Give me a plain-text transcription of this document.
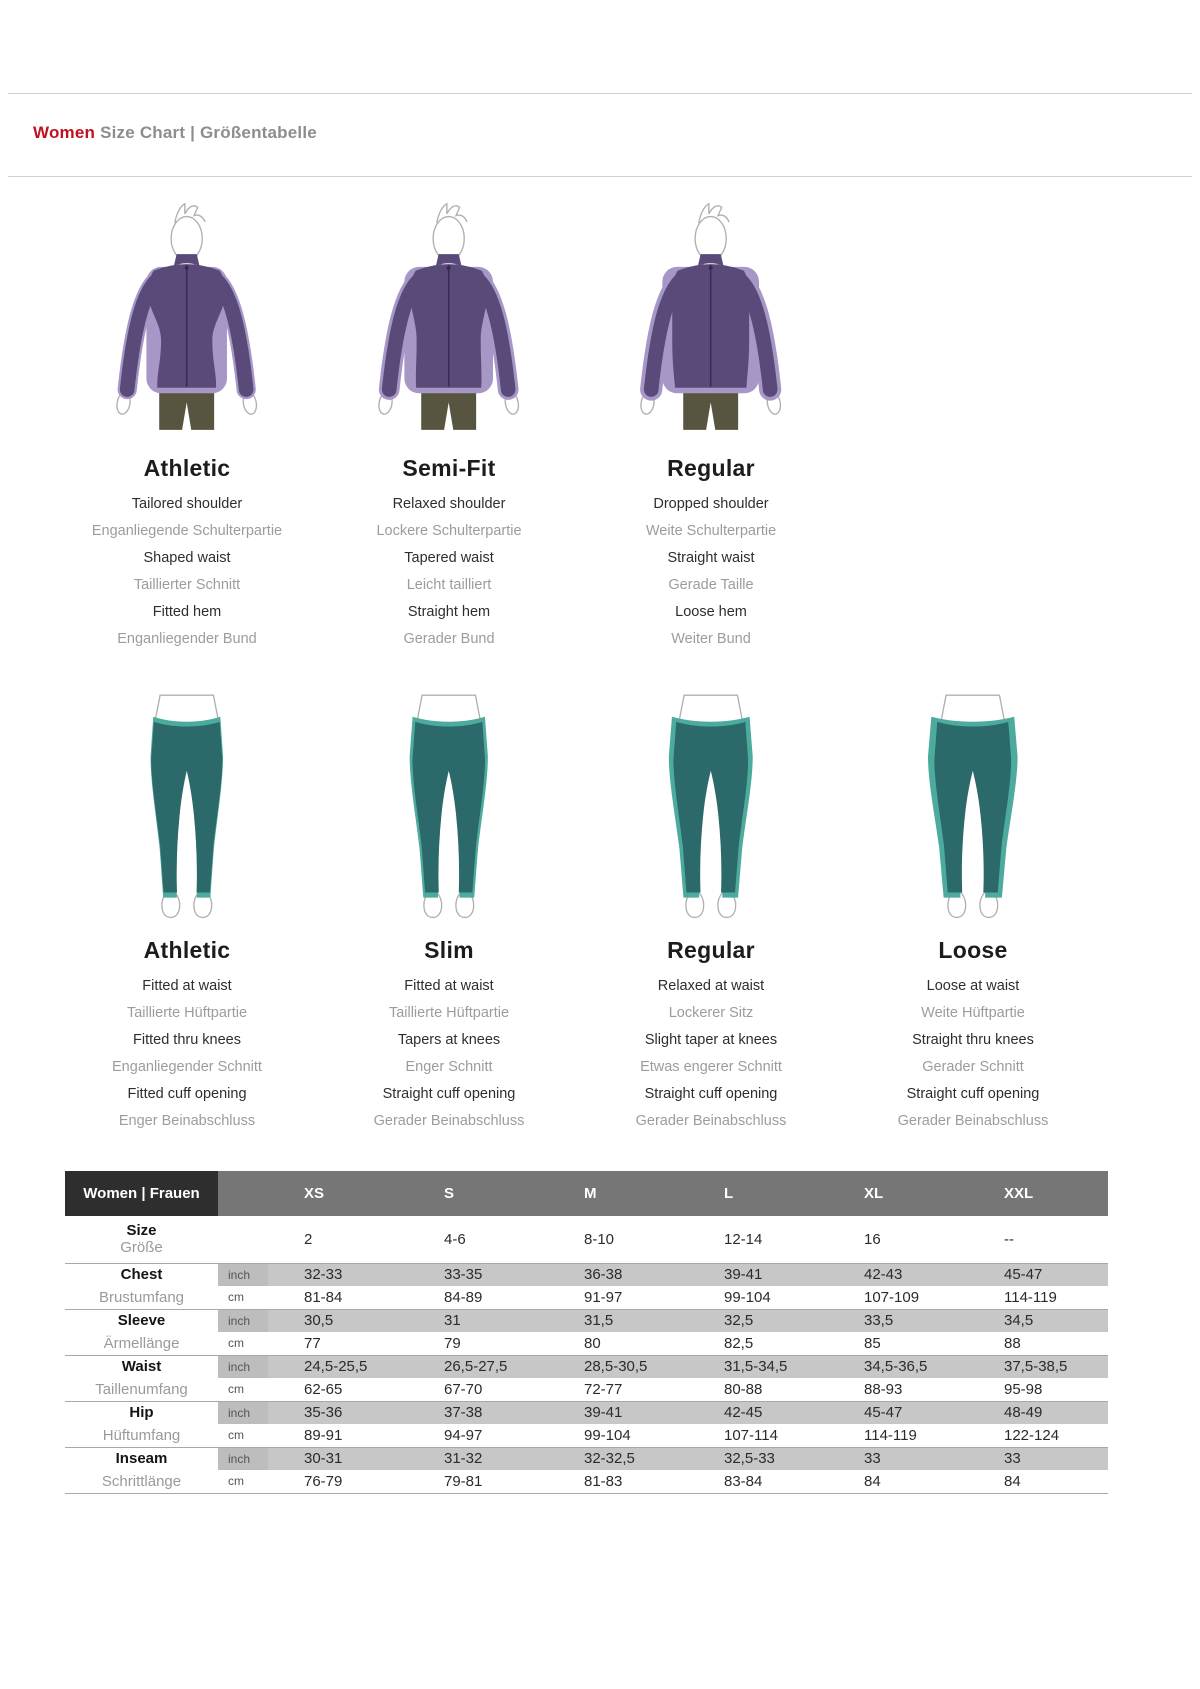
Women Size Chart | Größentabelle
Athletic

Tailored shoulder

Enganliegende Schulterpartie

Shaped waist

Taillierter Schnitt

Fitted hem

Enganliegender Bund

Semi-Fit

Relaxed shoulder

Lockere Schulterpartie

Tapered waist

Leicht tailliert

Straight hem

Gerader Bund

Regular

Dropped shoulder

Weite Schulterpartie

Straight waist

Gerade Taille

Loose hem

Weiter Bund

Athletic

Fitted at waist

Taillierte Hüftpartie

Fitted thru knees

Enganliegender Schnitt

Fitted cuff opening

Enger Beinabschluss

Slim

Fitted at waist

Taillierte Hüftpartie

Tapers at knees

Enger Schnitt

Straight cuff opening

Gerader Beinabschluss

Regular

Relaxed at waist

Lockerer Sitz

Slight taper at knees

Etwas engerer Schnitt

Straight cuff opening

Gerader Beinabschluss

Loose

Loose at waist

Weite Hüftpartie

Straight thru knees

Gerader Schnitt

Straight cuff opening

Gerader Beinabschluss

Women | Frauen		XS	S	M	L	XL	XXL

Size
Größe		2	4-6	8-10	12-14	16	--
Chest	inch	32-33	33-35	36-38	39-41	42-43	45-47
Brustumfang	cm	81-84	84-89	91-97	99-104	107-109	114-119
Sleeve	inch	30,5	31	31,5	32,5	33,5	34,5
Ärmellänge	cm	77	79	80	82,5	85	88
Waist	inch	24,5-25,5	26,5-27,5	28,5-30,5	31,5-34,5	34,5-36,5	37,5-38,5
Taillenumfang	cm	62-65	67-70	72-77	80-88	88-93	95-98
Hip	inch	35-36	37-38	39-41	42-45	45-47	48-49
Hüftumfang	cm	89-91	94-97	99-104	107-114	114-119	122-124
Inseam	inch	30-31	31-32	32-32,5	32,5-33	33	33
Schrittlänge	cm	76-79	79-81	81-83	83-84	84	84
